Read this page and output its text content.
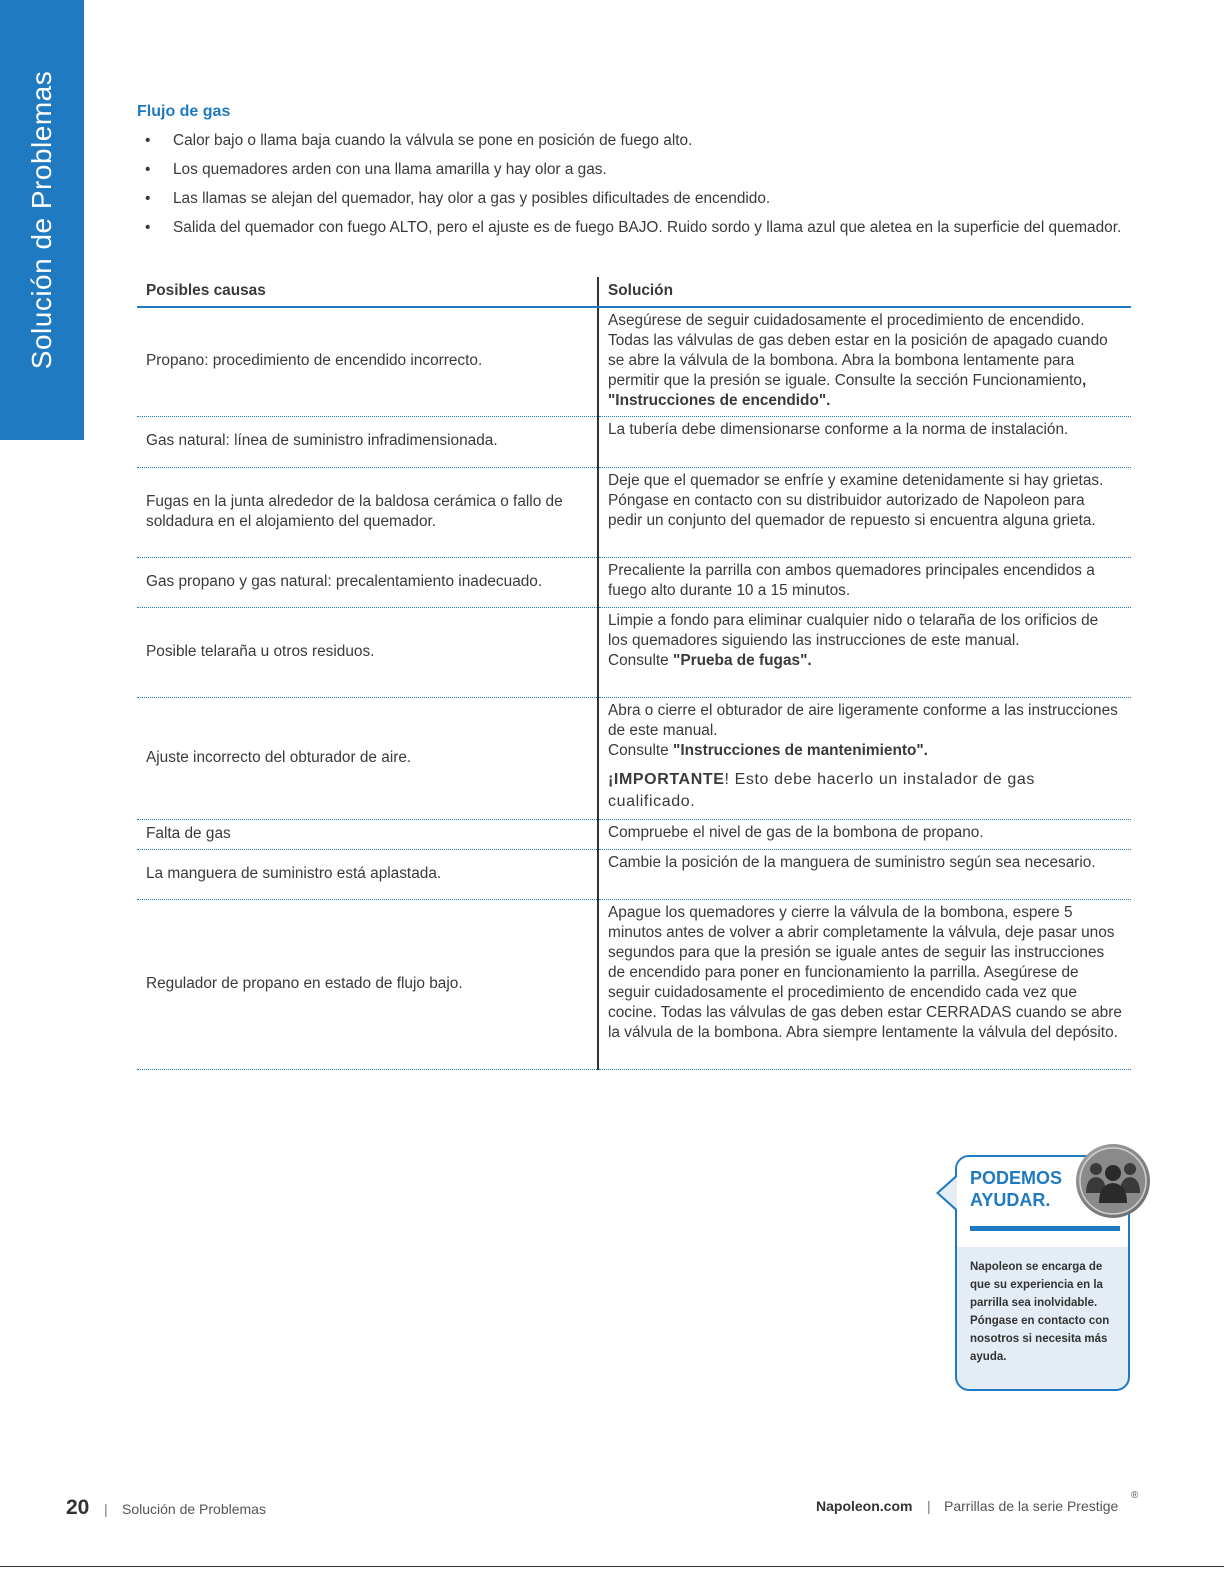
Solución de Problemas	Flujo de gas
• Calor bajo o llama baja cuando la válvula se pone en posición de fuego alto.
• Los quemadores arden con una llama amarilla y hay olor a gas.
• Las llamas se alejan del quemador, hay olor a gas y posibles dificultades de encendido.
• Salida del quemador con fuego ALTO, pero el ajuste es de fuego BAJO. Ruido sordo y llama azul que aletea en la superficie del quemador.
Posibles causas	Solución
Propano: procedimiento de encendido incorrecto.	Asegúrese de seguir cuidadosamente el procedimiento de encendido. Todas las válvulas de gas deben estar en la posición de apagado cuando se abre la válvula de la bombona. Abra la bombona lentamente para permitir que la presión se iguale. Consulte la sección Funcionamiento, "Instrucciones de encendido".
Gas natural: línea de suministro infradimensionada.	La tubería debe dimensionarse conforme a la norma de instalación.
Fugas en la junta alrededor de la baldosa cerámica o fallo de soldadura en el alojamiento del quemador.	Deje que el quemador se enfríe y examine detenidamente si hay grietas. Póngase en contacto con su distribuidor autorizado de Napoleon para pedir un conjunto del quemador de repuesto si encuentra alguna grieta.
Gas propano y gas natural: precalentamiento inadecuado.	Precaliente la parrilla con ambos quemadores principales encendidos a fuego alto durante 10 a 15 minutos.
Posible telaraña u otros residuos.	Limpie a fondo para eliminar cualquier nido o telaraña de los orificios de los quemadores siguiendo las instrucciones de este manual.
Consulte "Prueba de fugas".
Ajuste incorrecto del obturador de aire.	Abra o cierre el obturador de aire ligeramente conforme a las instrucciones de este manual.
Consulte "Instrucciones de mantenimiento".
¡IMPORTANTE! Esto debe hacerlo un instalador de gas cualificado.

Falta de gas	Compruebe el nivel de gas de la bombona de propano.
La manguera de suministro está aplastada.	Cambie la posición de la manguera de suministro según sea necesario.
Regulador de propano en estado de flujo bajo.	Apague los quemadores y cierre la válvula de la bombona, espere 5 minutos antes de volver a abrir completamente la válvula, deje pasar unos segundos para que la presión se iguale antes de seguir las instrucciones de encendido para poner en funcionamiento la parrilla. Asegúrese de seguir cuidadosamente el procedimiento de encendido cada vez que cocine. Todas las válvulas de gas deben estar CERRADAS cuando se abre la válvula de la bombona. Abra siempre lentamente la válvula del depósito.
PODEMOS AYUDAR.
Napoleon se encarga de que su experiencia en la parrilla sea inolvidable. Póngase en contacto con nosotros si necesita más ayuda.
20 | Solución de Problemas	Napoleon.com | Parrillas de la serie Prestige
®
